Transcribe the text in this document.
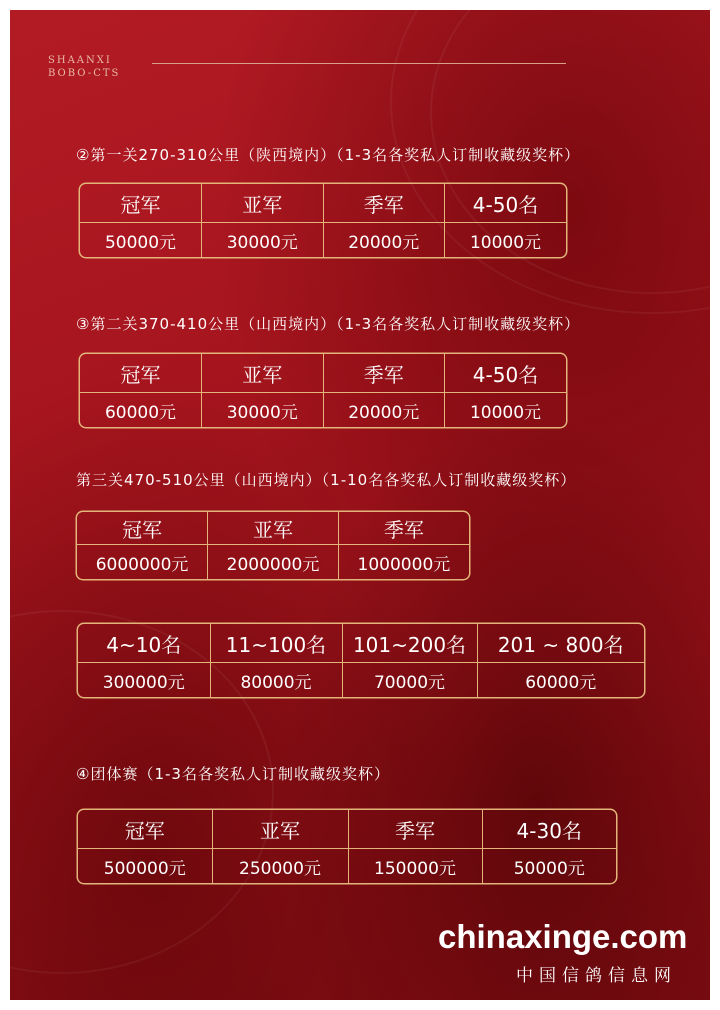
SHAANXI
BOBO-CTS
②第一关270-310公里（陕西境内）（1-3名各奖私人订制收藏级奖杯）
冠军	亚军	季军	4-50名
50000元	30000元	20000元	10000元
③第二关370-410公里（山西境内）（1-3名各奖私人订制收藏级奖杯）
冠军	亚军	季军	4-50名
60000元	30000元	20000元	10000元
第三关470-510公里（山西境内）（1-10名各奖私人订制收藏级奖杯）
冠军	亚军	季军
6000000元	2000000元	1000000元
4~10名	11~100名	101~200名	201 ~ 800名
300000元	80000元	70000元	60000元
④团体赛（1-3名各奖私人订制收藏级奖杯）
冠军	亚军	季军	4-30名
500000元	250000元	150000元	50000元
chinaxinge.com
中国信鸽信息网
